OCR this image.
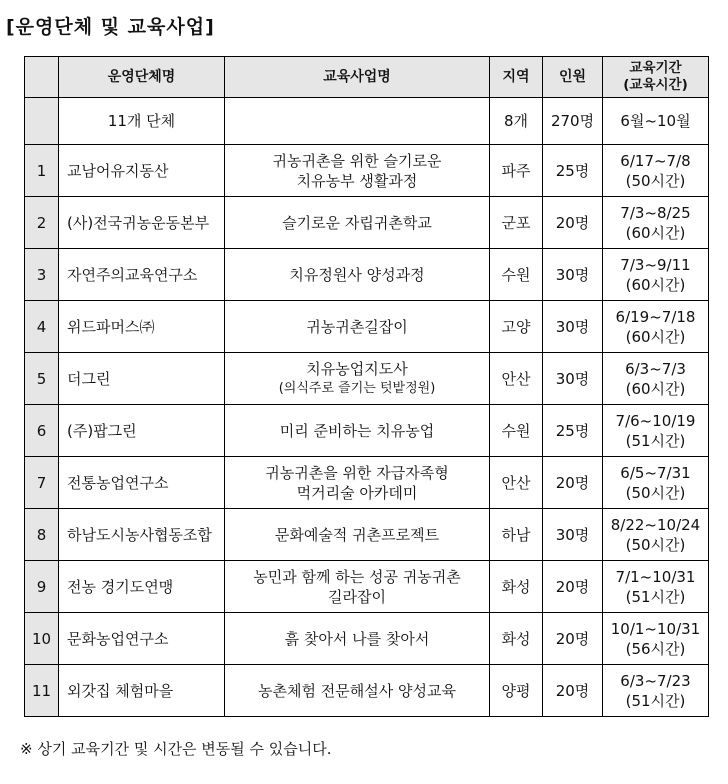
[운영단체 및 교육사업]
	운영단체명	교육사업명	지역	인원	교육기간
(교육시간)

	11개 단체		8개	270명	6월~10월
1	교남어유지동산	귀농귀촌을 위한 슬기로운
치유농부 생활과정	파주	25명	6/17~7/8
(50시간)

2	(사)전국귀농운동본부	슬기로운 자립귀촌학교	군포	20명	7/3~8/25
(60시간)

3	자연주의교육연구소	치유정원사 양성과정	수원	30명	7/3~9/11
(60시간)

4	위드파머스㈜	귀농귀촌길잡이	고양	30명	6/19~7/18
(60시간)

5	더그린	치유농업지도사
(의식주로 즐기는 텃밭정원)	안산	30명	6/3~7/3
(60시간)

6	(주)팝그린	미리 준비하는 치유농업	수원	25명	7/6~10/19
(51시간)

7	전통농업연구소	귀농귀촌을 위한 자급자족형
먹거리술 아카데미	안산	20명	6/5~7/31
(50시간)

8	하남도시농사협동조합	문화예술적 귀촌프로젝트	하남	30명	8/22~10/24
(50시간)

9	전농 경기도연맹	농민과 함께 하는 성공 귀농귀촌
길라잡이	화성	20명	7/1~10/31
(51시간)

10	문화농업연구소	흙 찾아서 나를 찾아서	화성	20명	10/1~10/31
(56시간)

11	외갓집 체험마을	농촌체험 전문해설사 양성교육	양평	20명	6/3~7/23
(51시간)
※ 상기 교육기간 및 시간은 변동될 수 있습니다.
